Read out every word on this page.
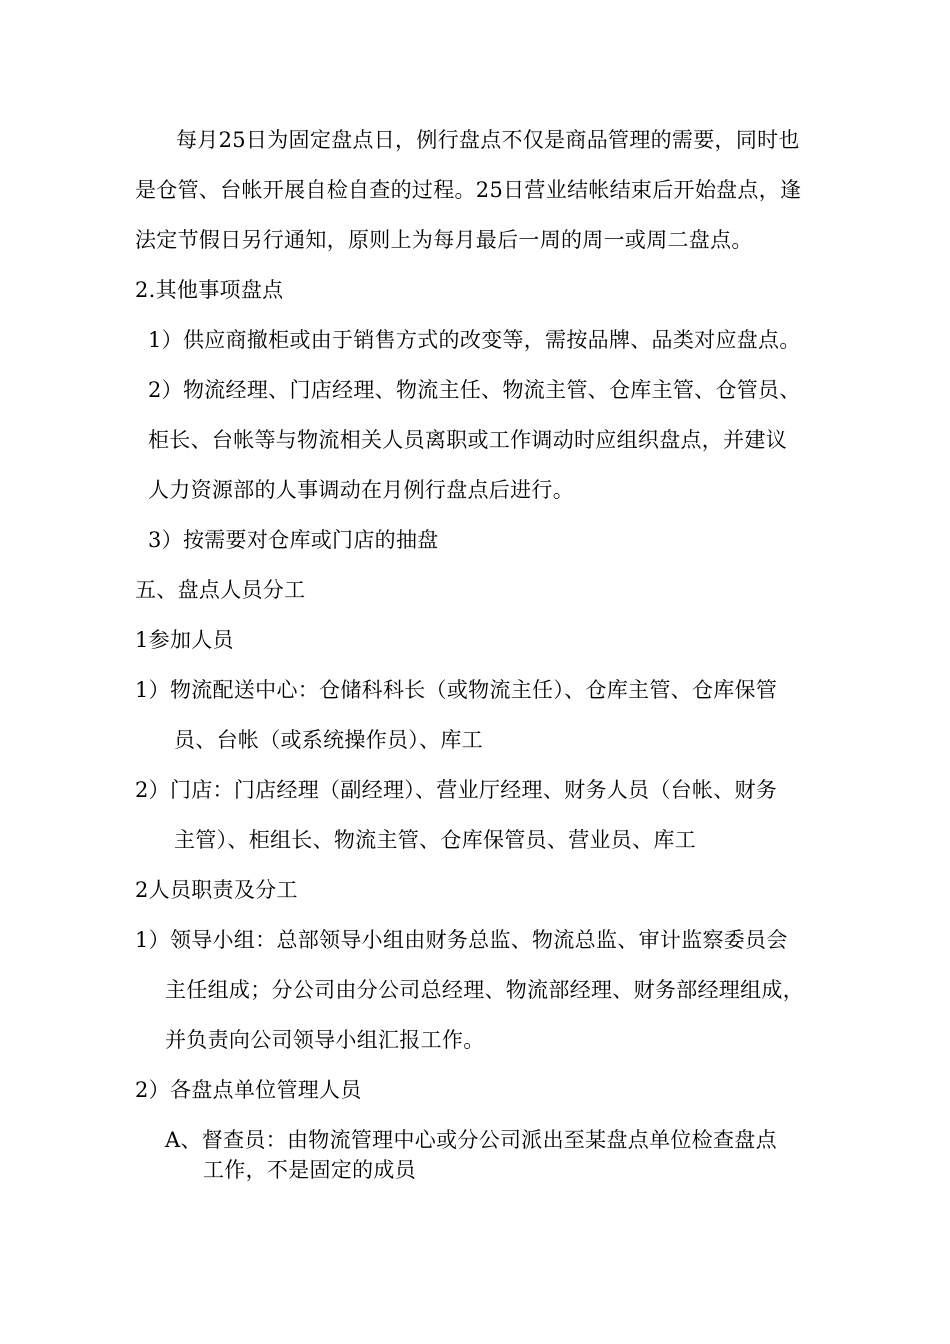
每月25日为固定盘点日，例行盘点不仅是商品管理的需要，同时也
是仓管、台帐开展自检自查的过程。25日营业结帐结束后开始盘点，逢
法定节假日另行通知，原则上为每月最后一周的周一或周二盘点。
2.其他事项盘点
1）供应商撤柜或由于销售方式的改变等，需按品牌、品类对应盘点。
2）物流经理、门店经理、物流主任、物流主管、仓库主管、仓管员、
柜长、台帐等与物流相关人员离职或工作调动时应组织盘点，并建议
人力资源部的人事调动在月例行盘点后进行。
3）按需要对仓库或门店的抽盘
五、盘点人员分工
1参加人员
1）物流配送中心：仓储科科长（或物流主任）、仓库主管、仓库保管
员、台帐（或系统操作员）、库工
2）门店：门店经理（副经理）、营业厅经理、财务人员（台帐、财务
主管）、柜组长、物流主管、仓库保管员、营业员、库工
2人员职责及分工
1）领导小组：总部领导小组由财务总监、物流总监、审计监察委员会
主任组成；分公司由分公司总经理、物流部经理、财务部经理组成，
并负责向公司领导小组汇报工作。
2）各盘点单位管理人员
A、督查员：由物流管理中心或分公司派出至某盘点单位检查盘点
工作，不是固定的成员
